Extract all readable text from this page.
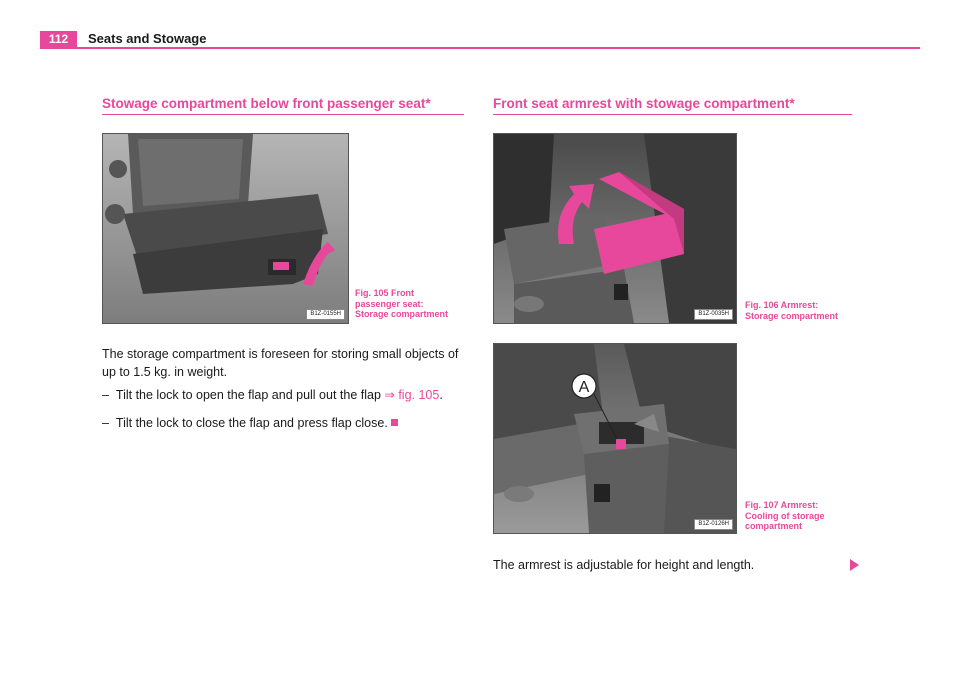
112	Seats and Stowage
Stowage compartment below front passenger seat*
B1Z-0155H
Fig. 105 Front
passenger seat:
Storage compartment
The storage compartment is foreseen for storing small objects of up to 1.5 kg. in weight.
– Tilt the lock to open the flap and pull out the flap ⇒ fig. 105.
– Tilt the lock to close the flap and press flap close.
Front seat armrest with stowage compartment*
B1Z-0035H
Fig. 106 Armrest:
Storage compartment
A
B1Z-0126H
Fig. 107 Armrest:
Cooling of storage
compartment
The armrest is adjustable for height and length.
